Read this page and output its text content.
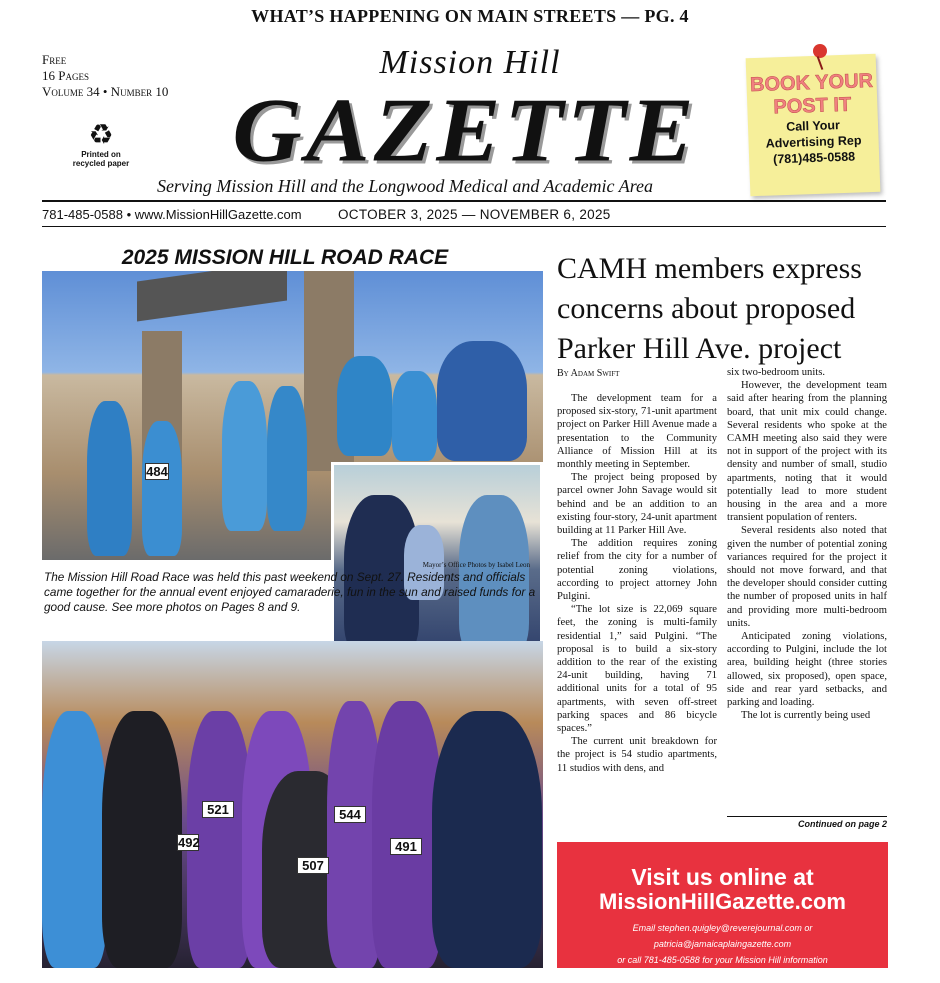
WHAT’S HAPPENING ON MAIN STREETS — PG. 4
Free
16 Pages
Volume 34 • Number 10
♻
Printed on recycled paper
Mission Hill
GAZETTE
Serving Mission Hill and the Longwood Medical and Academic Area
781-485-0588 • www.MissionHillGazette.com	OCTOBER 3, 2025 — NOVEMBER 6, 2025
BOOK YOUR
POST IT
Call Your
Advertising Rep
(781)485-0588
2025 MISSION HILL ROAD RACE
484
Mayor’s Office Photos by Isabel Leon
The Mission Hill Road Race was held this past weekend on Sept. 27. Residents and officials came together for the annual event enjoyed camaraderie, fun in the sun and raised funds for a good cause. See more photos on Pages 8 and 9.
521
492
507
491
544
CAMH members express concerns about proposed Parker Hill Ave. project
By Adam Swift

The development team for a proposed six-story, 71-unit apartment project on Parker Hill Avenue made a presentation to the Community Alliance of Mission Hill at its monthly meeting in September.

The project being proposed by parcel owner John Savage would sit behind and be an addition to an existing four-story, 24-unit apartment building at 11 Parker Hill Ave.

The addition requires zoning relief from the city for a number of potential zoning violations, according to project attorney John Pulgini.

“The lot size is 22,069 square feet, the zoning is multi-family residential 1,” said Pulgini. “The proposal is to build a six-story addition to the rear of the existing 24-unit building, having 71 additional units for a total of 95 apartments, with seven off-street parking spaces and 86 bicycle spaces.”

The current unit breakdown for the project is 54 studio apartments, 11 studios with dens, and

six two-bedroom units.

However, the development team said after hearing from the planning board, that unit mix could change. Several residents who spoke at the CAMH meeting also said they were not in support of the project with its density and number of small, studio apartments, noting that it would potentially lead to more student housing in the area and a more transient population of renters.

Several residents also noted that given the number of potential zoning variances required for the project it should not move forward, and that the developer should consider cutting the number of proposed units in half and providing more multi-bedroom units.

Anticipated zoning violations, according to Pulgini, include the lot area, building height (three stories allowed, six proposed), open space, side and rear yard setbacks, and parking and loading.

The lot is currently being used

Continued on page 2
Visit us online at
MissionHillGazette.com
Email stephen.quigley@reverejournal.com or
patricia@jamaicaplaingazette.com
or call 781-485-0588 for your Mission Hill information
